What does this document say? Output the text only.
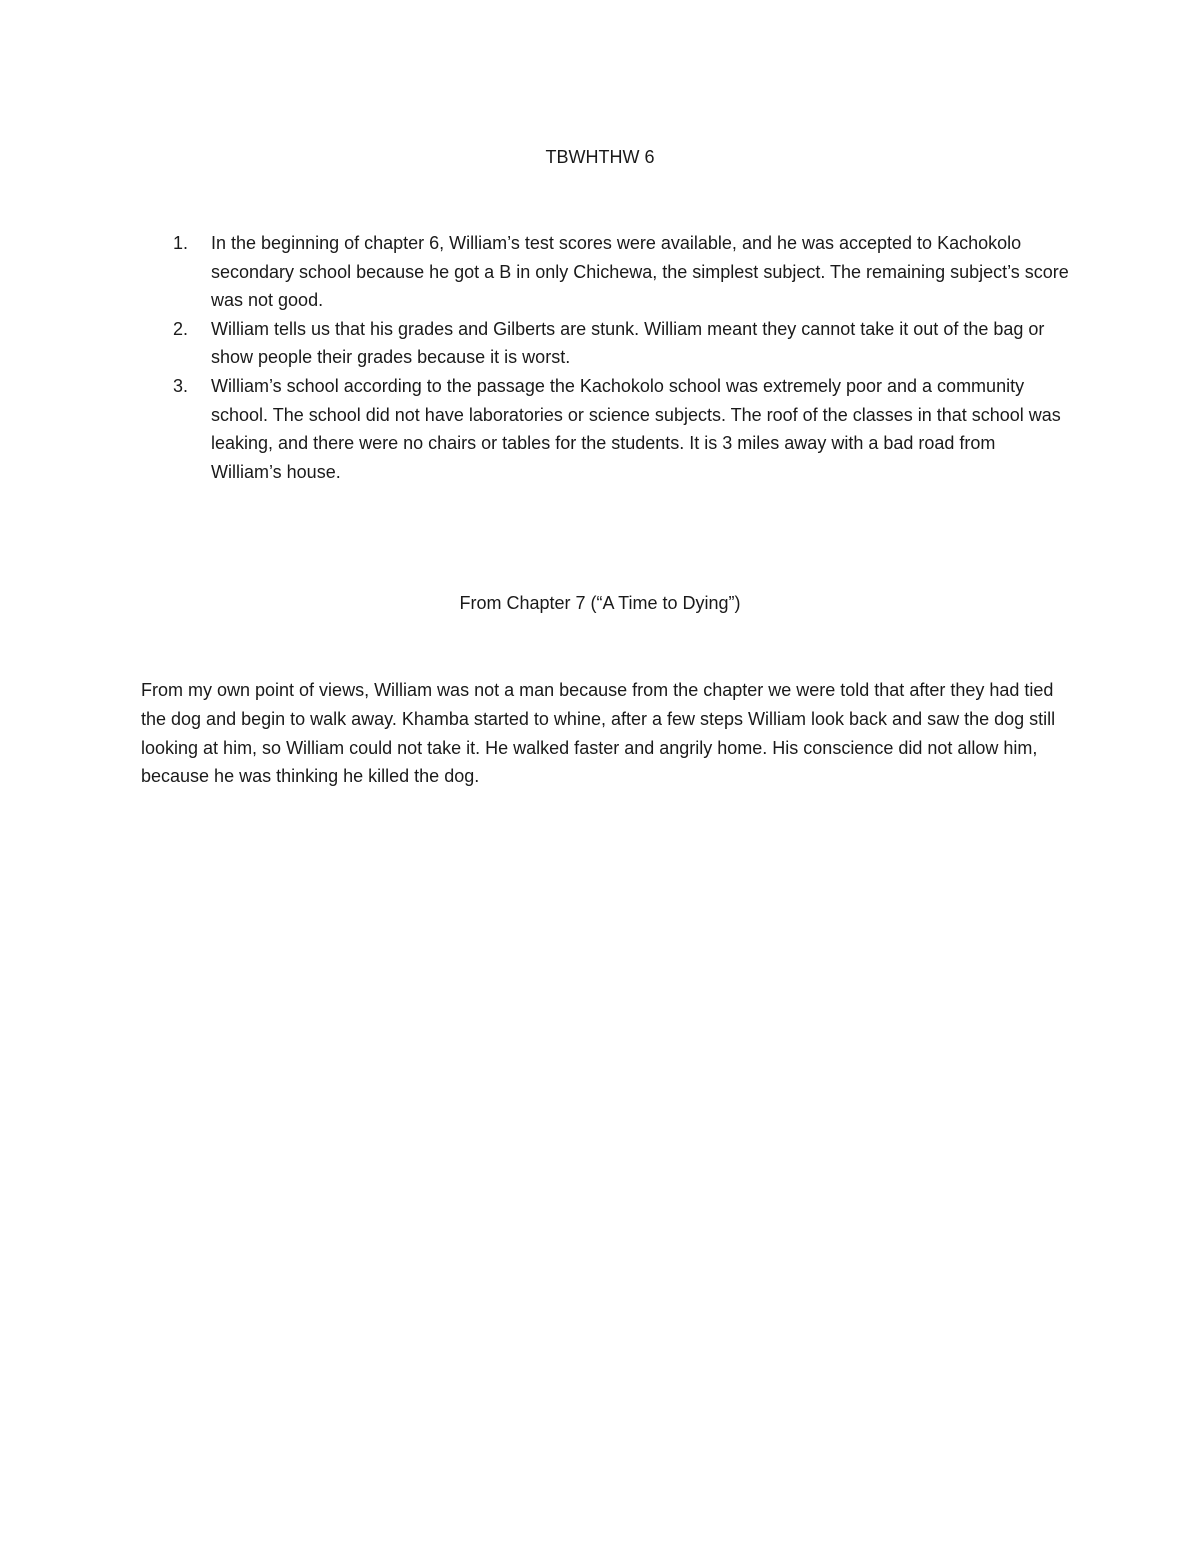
TBWHTHW 6
1. In the beginning of chapter 6, William’s test scores were available, and he was accepted to Kachokolo secondary school because he got a B in only Chichewa, the simplest subject. The remaining subject’s score was not good.
2. William tells us that his grades and Gilberts are stunk. William meant they cannot take it out of the bag or show people their grades because it is worst.
3. William’s school according to the passage the Kachokolo school was extremely poor and a community school. The school did not have laboratories or science subjects. The roof of the classes in that school was leaking, and there were no chairs or tables for the students. It is 3 miles away with a bad road from William’s house.
From Chapter 7 (“A Time to Dying”)

From my own point of views, William was not a man because from the chapter we were told that after they had tied the dog and begin to walk away. Khamba started to whine, after a few steps William look back and saw the dog still looking at him, so William could not take it. He walked faster and angrily home. His conscience did not allow him, because he was thinking he killed the dog.
